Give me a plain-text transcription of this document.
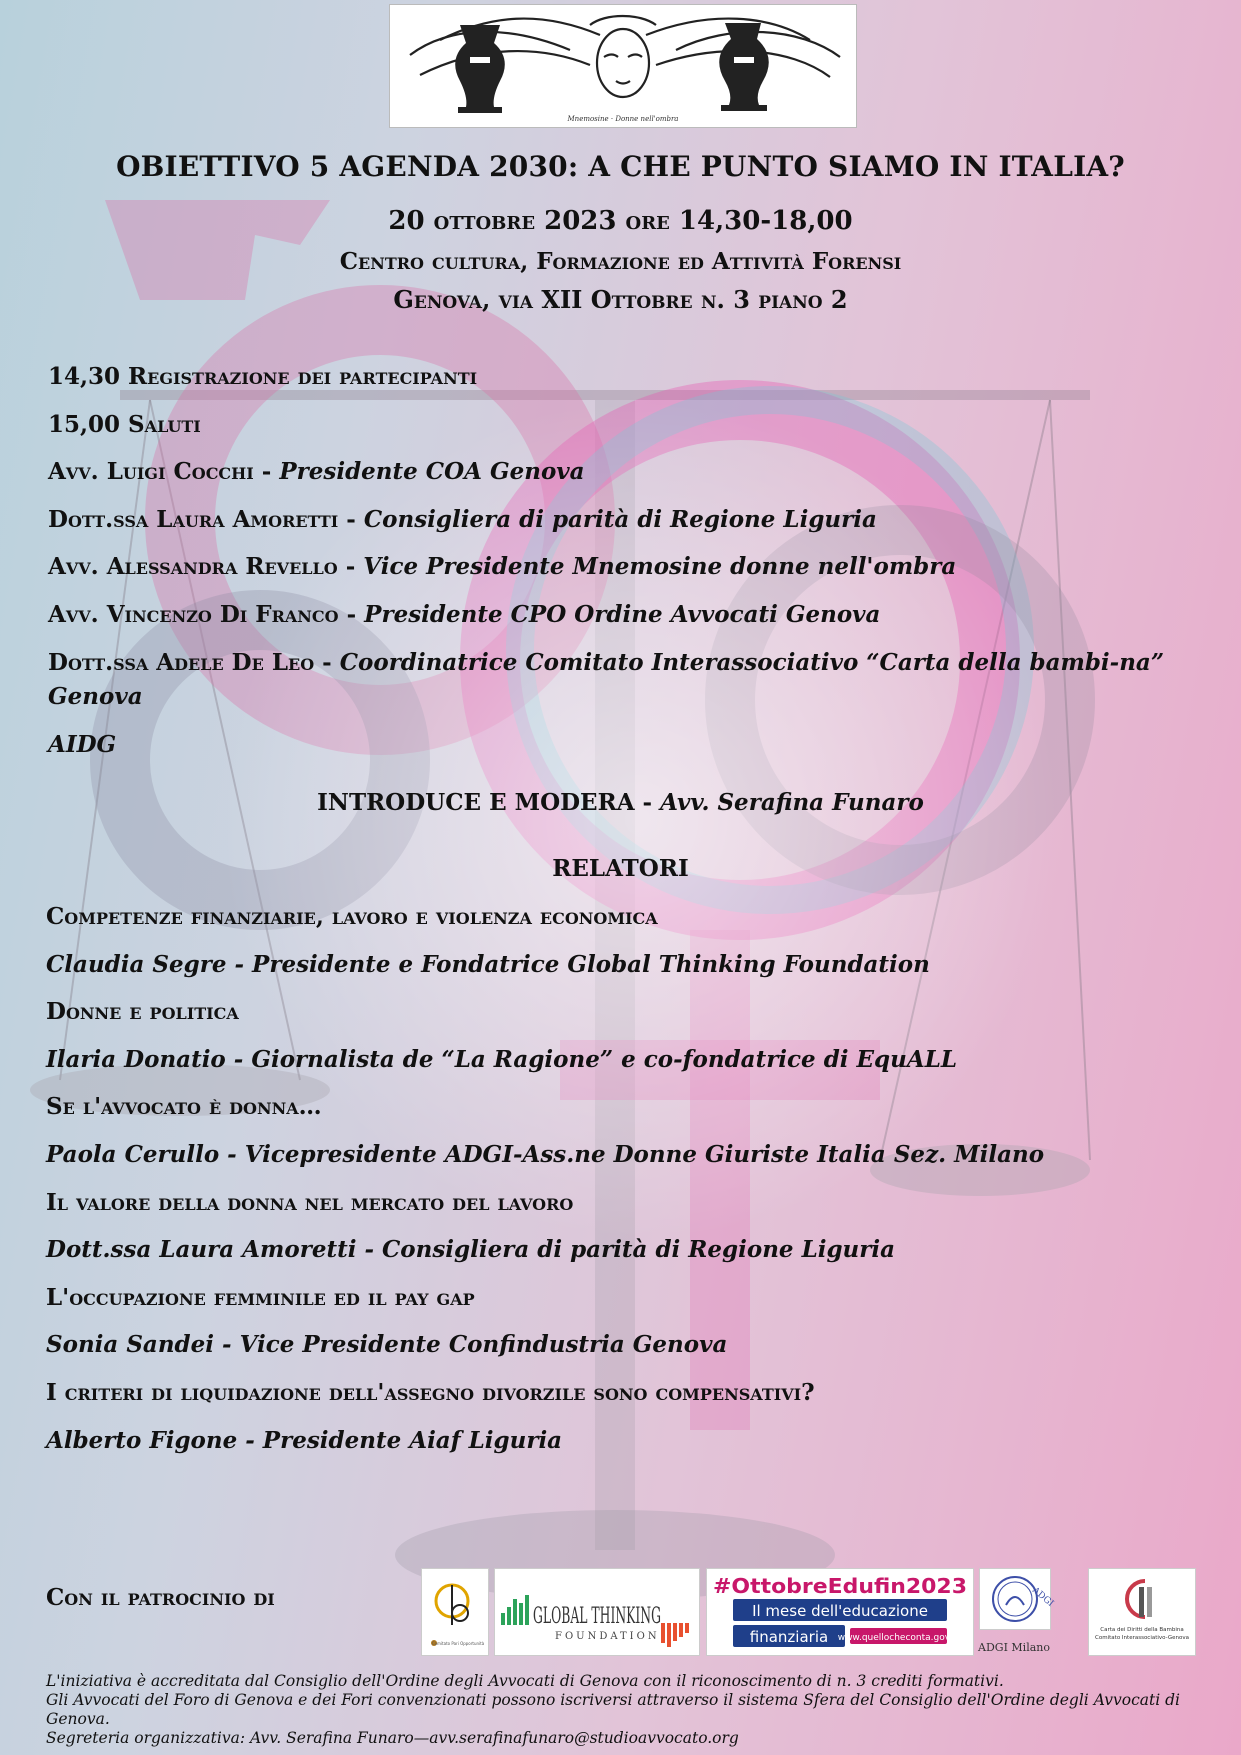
Mnemosine · Donne nell'ombra
OBIETTIVO 5 AGENDA 2030: A CHE PUNTO SIAMO IN ITALIA?
20 ottobre 2023 ore 14,30-18,00
Centro cultura, Formazione ed Attività Forensi
Genova, via XII Ottobre n. 3 piano 2
14,30 Registrazione dei partecipanti
15,00 Saluti
Avv. Luigi Cocchi - Presidente COA Genova
Dott.ssa Laura Amoretti - Consigliera di parità di Regione Liguria
Avv. Alessandra Revello - Vice Presidente Mnemosine donne nell'ombra
Avv. Vincenzo Di Franco - Presidente CPO Ordine Avvocati Genova
Dott.ssa Adele De Leo - Coordinatrice Comitato Interassociativo “Carta della bambi-na” Genova
AIDG
INTRODUCE E MODERA - Avv. Serafina Funaro
RELATORI
Competenze finanziarie, lavoro e violenza economica
Claudia Segre - Presidente e Fondatrice Global Thinking Foundation
Donne e politica
Ilaria Donatio - Giornalista de “La Ragione” e co-fondatrice di EquALL
Se l'avvocato è donna…
Paola Cerullo - Vicepresidente ADGI-Ass.ne Donne Giuriste Italia Sez. Milano
Il valore della donna nel mercato del lavoro
Dott.ssa Laura Amoretti - Consigliera di parità di Regione Liguria
L'occupazione femminile ed il pay gap
Sonia Sandei - Vice Presidente Confindustria Genova
I criteri di liquidazione dell'assegno divorzile sono compensativi?
Alberto Figone - Presidente Aiaf Liguria
Con il patrocinio di
Comitato Pari Opportunità
GLOBAL THINKING
FOUNDATION
#OttobreEdufin2023
Il mese dell'educazione
finanziaria www.quellocheconta.gov.it
ADGI
ADGI Milano
Carta dei Diritti della Bambina
Comitato Interassociativo-Genova
L'iniziativa è accreditata dal Consiglio dell'Ordine degli Avvocati di Genova con il riconoscimento di n. 3 crediti formativi.
Gli Avvocati del Foro di Genova e dei Fori convenzionati possono iscriversi attraverso il sistema Sfera del Consiglio dell'Ordine degli Avvocati di Genova.
Segreteria organizzativa: Avv. Serafina Funaro—avv.serafinafunaro@studioavvocato.org
